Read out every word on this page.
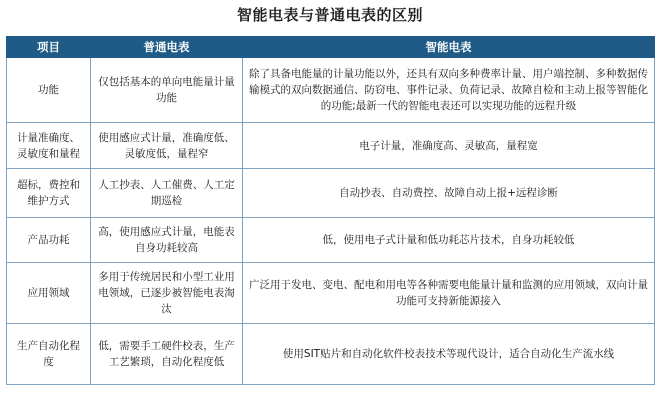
智能电表与普通电表的区别
项目	普通电表	智能电表
功能	仅包括基本的单向电能量计量功能	除了具备电能量的计量功能以外，还具有双向多种费率计量、用户端控制、多种数据传输模式的双向数据通信、防窃电、事件记录、负荷记录、故障自检和主动上报等智能化的功能;最新一代的智能电表还可以实现功能的远程升级
计量准确度、灵敏度和量程	使用感应式计量，准确度低、灵敏度低，量程窄	电子计量，准确度高、灵敏高，量程宽
超标，费控和维护方式	人工抄表、人工催费、人工定期巡检	自动抄表、自动费控、故障自动上报+远程诊断
产品功耗	高，使用感应式计量，电能表自身功耗较高	低，使用电子式计量和低功耗芯片技术，自身功耗较低
应用领域	多用于传统居民和小型工业用电领域，已逐步被智能电表淘汰	广泛用于发电、变电、配电和用电等各种需要电能量计量和监测的应用领域，双向计量功能可支持新能源接入
生产自动化程度	低，需要手工硬件校表，生产工艺繁琐，自动化程度低	使用SIT贴片和自动化软件校表技术等现代设计，适合自动化生产流水线
